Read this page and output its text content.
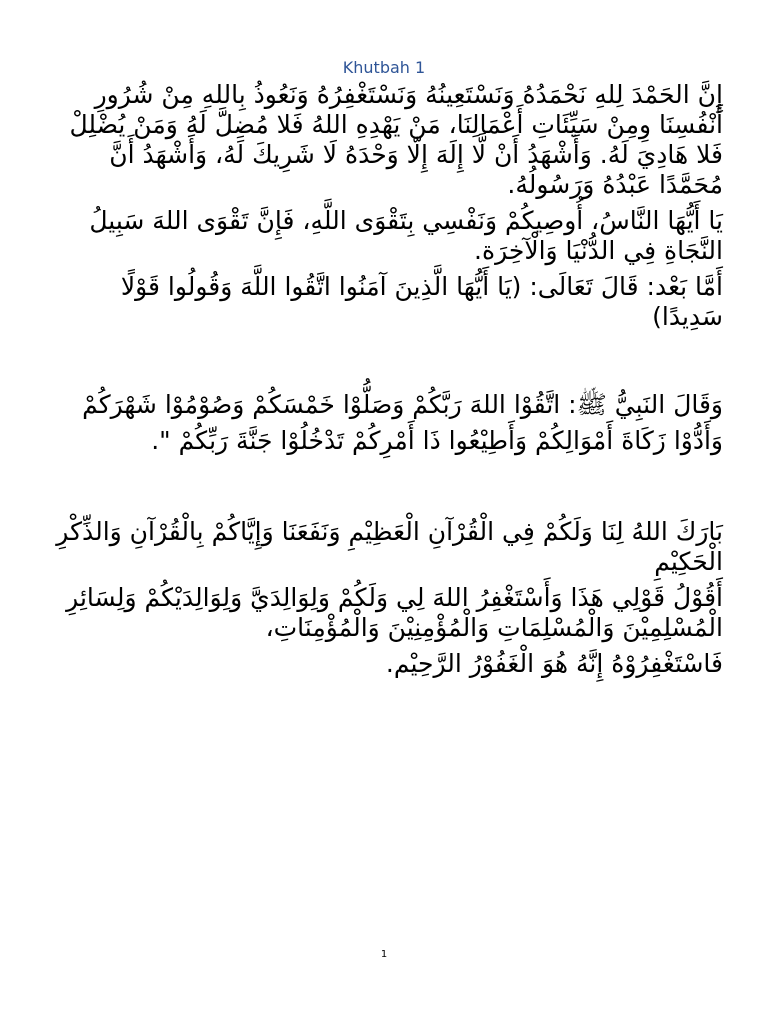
Khutbah 1

إِنَّ الحَمْدَ لِلهِ نَحْمَدُهُ وَنَسْتَعِينُهُ وَنَسْتَغْفِرُهُ وَنَعُوذُ بِاللهِ مِنْ شُرُورِ أَنْفُسِنَا وِمِنْ سَيِّئَاتِ أَعْمَالِنَا، مَنْ يَهْدِهِ اللهُ فَلا مُضِلَّ لَهُ وَمَنْ يُضْلِلْ فَلا هَادِيَ لَهُ. وَأَشْهَدُ أَنْ لَّا إِلَهَ إِلّا وَحْدَهُ لَا شَرِيكَ لَهُ، وَأَشْهَدُ أَنَّ مُحَمَّدًا عَبْدُهُ وَرَسُولُهُ.

يَا أَيُّهَا النَّاسُ، أُوصِيكُمْ وَنَفْسِي بِتَقْوَى اللَّهِ، فَإِنَّ تَقْوَى اللهَ سَبِيلُ النَّجَاةِ فِي الدُّنْيَا وَالْآخِرَة.

أَمَّا بَعْد: قَالَ تَعَالَى: (يَا أَيُّهَا الَّذِينَ آمَنُوا اتَّقُوا اللَّهَ وَقُولُوا قَوْلًا سَدِيدًا)

وَقَالَ النَبِيُّ ﷺ: اتَّقُوْا اللهَ رَبَّكُمْ وَصَلُّوْا خَمْسَكُمْ وَصُوْمُوْا شَهْرَكُمْ

وَأَدُّوْا زَكَاةَ أَمْوَالِكُمْ وَأَطِيْعُوا ذَا أَمْرِكُمْ تَدْخُلُوْا جَنَّةَ رَبِّكُمْ ".

بَارَكَ اللهُ لِنَا وَلَكُمْ فِي الْقُرْآنِ الْعَظِيْمِ وَنَفَعَنَا وَإِيَّاكُمْ بِالْقُرْآنِ وَالذِّكْرِ الْحَكِيْمِ

أَقُوْلُ قَوْلِي هَذَا وَأَسْتَغْفِرُ اللهَ لِي وَلَكُمْ وَلِوَالِدَيَّ وَلِوَالِدَيْكُمْ وَلِسَائِرِ الْمُسْلِمِيْنَ وَالْمُسْلِمَاتِ وَالْمُؤْمِنِيْنَ وَالْمُؤْمِنَاتِ،

فَاسْتَغْفِرُوْهُ إِنَّهُ هُوَ الْغَفُوْرُ الرَّحِيْم.

1
